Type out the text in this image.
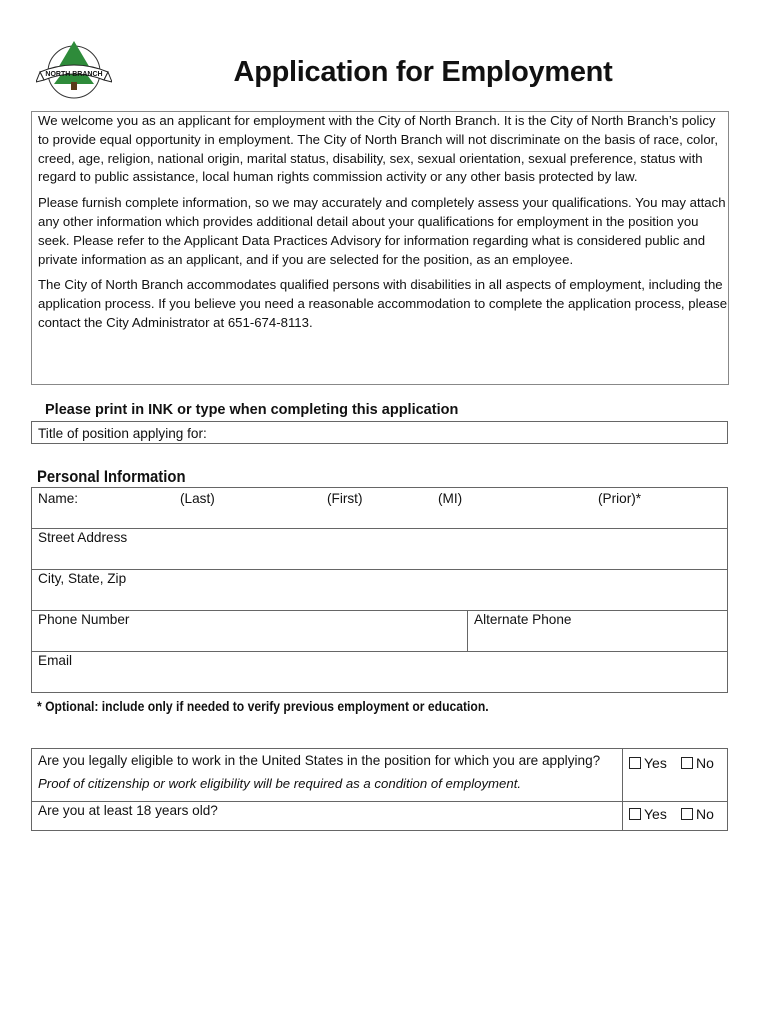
NORTH BRANCH	Application for Employment

We welcome you as an applicant for employment with the City of North Branch. It is the City of North Branch’s policy to provide equal opportunity in employment. The City of North Branch will not discriminate on the basis of race, color, creed, age, religion, national origin, marital status, disability, sex, sexual orientation, sexual preference, status with regard to public assistance, local human rights commission activity or any other basis protected by law.

Please furnish complete information, so we may accurately and completely assess your qualifications. You may attach any other information which provides additional detail about your qualifications for employment in the position you seek. Please refer to the Applicant Data Practices Advisory for information regarding what is considered public and private information as an applicant, and if you are selected for the position, as an employee.

The City of North Branch accommodates qualified persons with disabilities in all aspects of employment, including the application process. If you believe you need a reasonable accommodation to complete the application process, please contact the City Administrator at 651-674-8113.

Please print in INK or type when completing this application
Title of position applying for:
Personal Information
Name:	(Last)	(First)	(MI)	(Prior)*
Street Address
City, State, Zip
Phone Number	Alternate Phone
Email
* Optional: include only if needed to verify previous employment or education.
Are you legally eligible to work in the United States in the position for which you are applying?
Proof of citizenship or work eligibility will be required as a condition of employment.
Yes	No
Are you at least 18 years old?	Yes	No
